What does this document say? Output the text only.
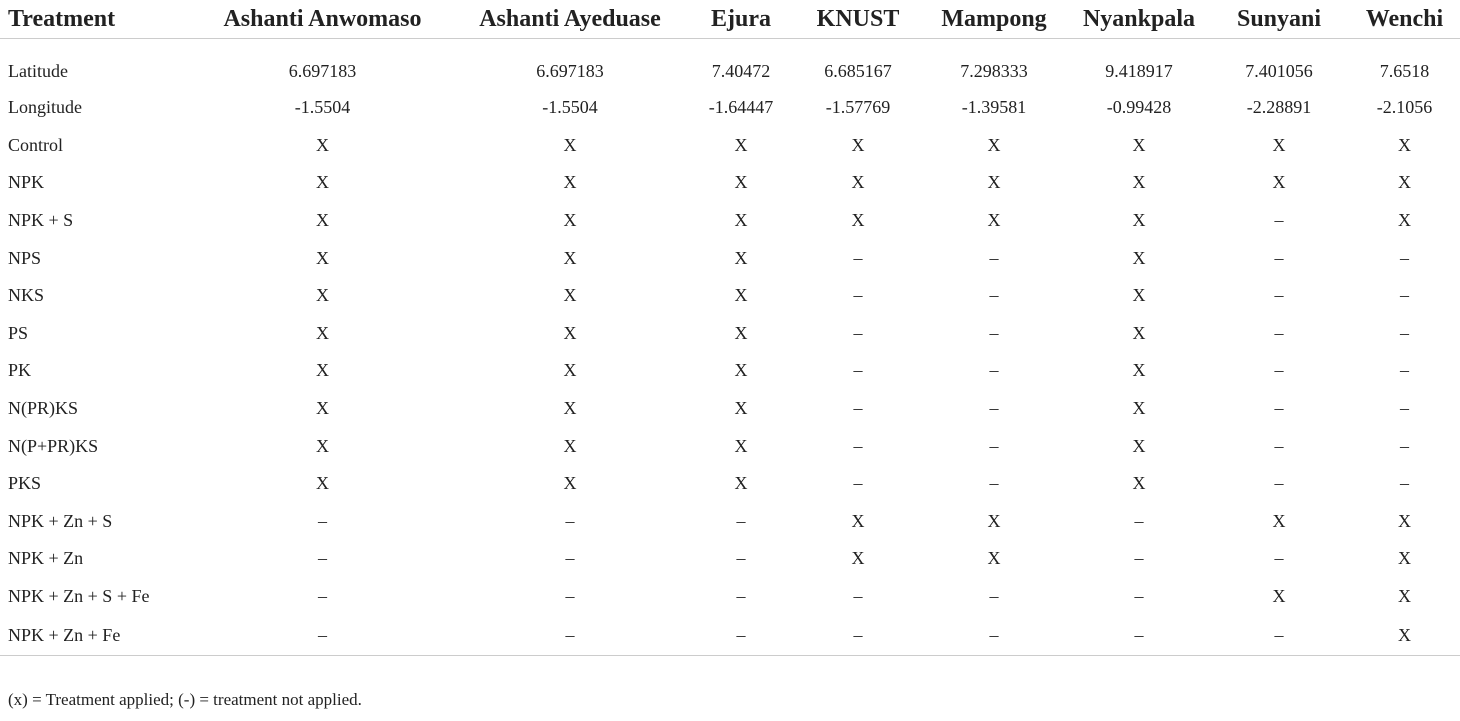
Treatment	Ashanti Anwomaso	Ashanti Ayeduase	Ejura	KNUST	Mampong	Nyankpala	Sunyani	Wenchi
Latitude	6.697183	6.697183	7.40472	6.685167	7.298333	9.418917	7.401056	7.6518
Longitude	-1.5504	-1.5504	-1.64447	-1.57769	-1.39581	-0.99428	-2.28891	-2.1056
Control	X	X	X	X	X	X	X	X
NPK	X	X	X	X	X	X	X	X
NPK + S	X	X	X	X	X	X	–	X
NPS	X	X	X	–	–	X	–	–
NKS	X	X	X	–	–	X	–	–
PS	X	X	X	–	–	X	–	–
PK	X	X	X	–	–	X	–	–
N(PR)KS	X	X	X	–	–	X	–	–
N(P+PR)KS	X	X	X	–	–	X	–	–
PKS	X	X	X	–	–	X	–	–
NPK + Zn + S	–	–	–	X	X	–	X	X
NPK + Zn	–	–	–	X	X	–	–	X
NPK + Zn + S + Fe	–	–	–	–	–	–	X	X
NPK + Zn + Fe	–	–	–	–	–	–	–	X
(x) = Treatment applied; (-) = treatment not applied.
